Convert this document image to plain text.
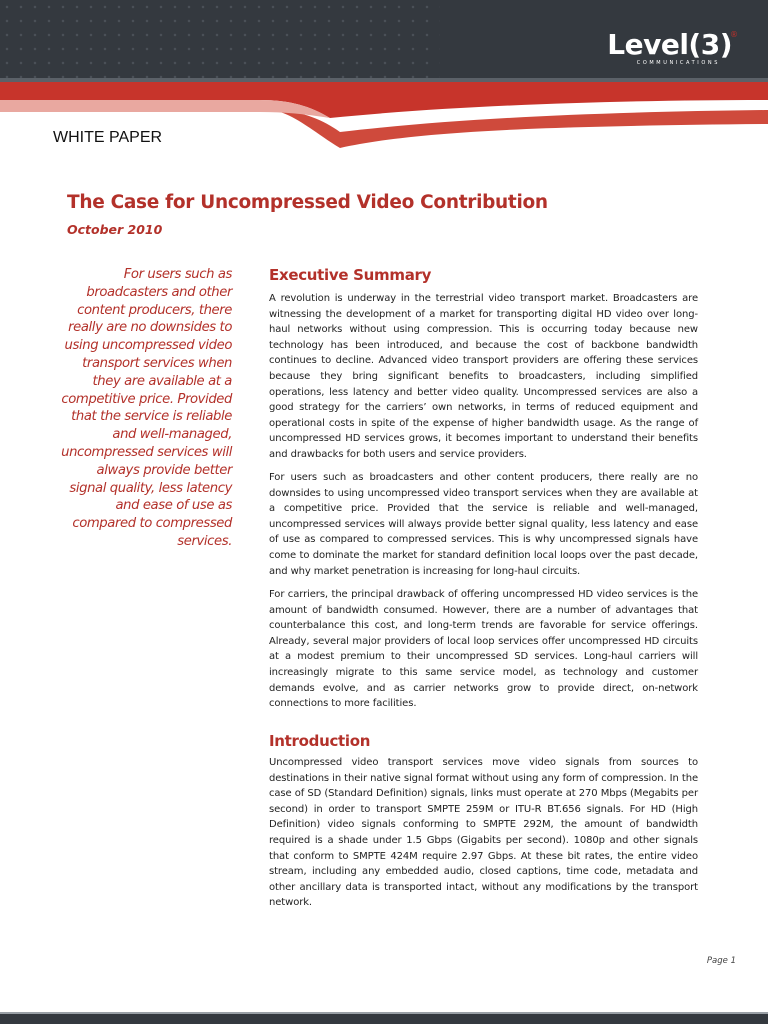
Level(3)
®
COMMUNICATIONS
WHITE PAPER
The Case for Uncompressed Video Contribution
October 2010
For users such as broadcasters and other content producers, there really are no downsides to using uncompressed video transport services when they are available at a competitive price. Provided that the service is reliable and well-managed, uncompressed services will always provide better signal quality, less latency and ease of use as compared to compressed services.
Executive Summary
A revolution is underway in the terrestrial video transport market. Broadcasters are witnessing the development of a market for transporting digital HD video over long-haul networks without using compression. This is occurring today because new technology has been introduced, and because the cost of backbone bandwidth continues to decline. Advanced video transport providers are offering these services because they bring significant benefits to broadcasters, including simplified operations, less latency and better video quality. Uncompressed services are also a good strategy for the carriers’ own networks, in terms of reduced equipment and operational costs in spite of the expense of higher bandwidth usage. As the range of uncompressed HD services grows, it becomes important to understand their benefits and drawbacks for both users and service providers.
For users such as broadcasters and other content producers, there really are no downsides to using uncompressed video transport services when they are available at a competitive price. Provided that the service is reliable and well-managed, uncompressed services will always provide better signal quality, less latency and ease of use as compared to compressed services. This is why uncompressed signals have come to dominate the market for standard definition local loops over the past decade, and why market penetration is increasing for long-haul circuits.
For carriers, the principal drawback of offering uncompressed HD video services is the amount of bandwidth consumed. However, there are a number of advantages that counterbalance this cost, and long-term trends are favorable for service offerings. Already, several major providers of local loop services offer uncompressed HD circuits at a modest premium to their uncompressed SD services. Long-haul carriers will increasingly migrate to this same service model, as technology and customer demands evolve, and as carrier networks grow to provide direct, on-network connections to more facilities.
Introduction
Uncompressed video transport services move video signals from sources to destinations in their native signal format without using any form of compression. In the case of SD (Standard Definition) signals, links must operate at 270 Mbps (Megabits per second) in order to transport SMPTE 259M or ITU-R BT.656 signals. For HD (High Definition) video signals conforming to SMPTE 292M, the amount of bandwidth required is a shade under 1.5 Gbps (Gigabits per second). 1080p and other signals that conform to SMPTE 424M require 2.97 Gbps. At these bit rates, the entire video stream, including any embedded audio, closed captions, time code, metadata and other ancillary data is transported intact, without any modifications by the transport network.
Page 1
